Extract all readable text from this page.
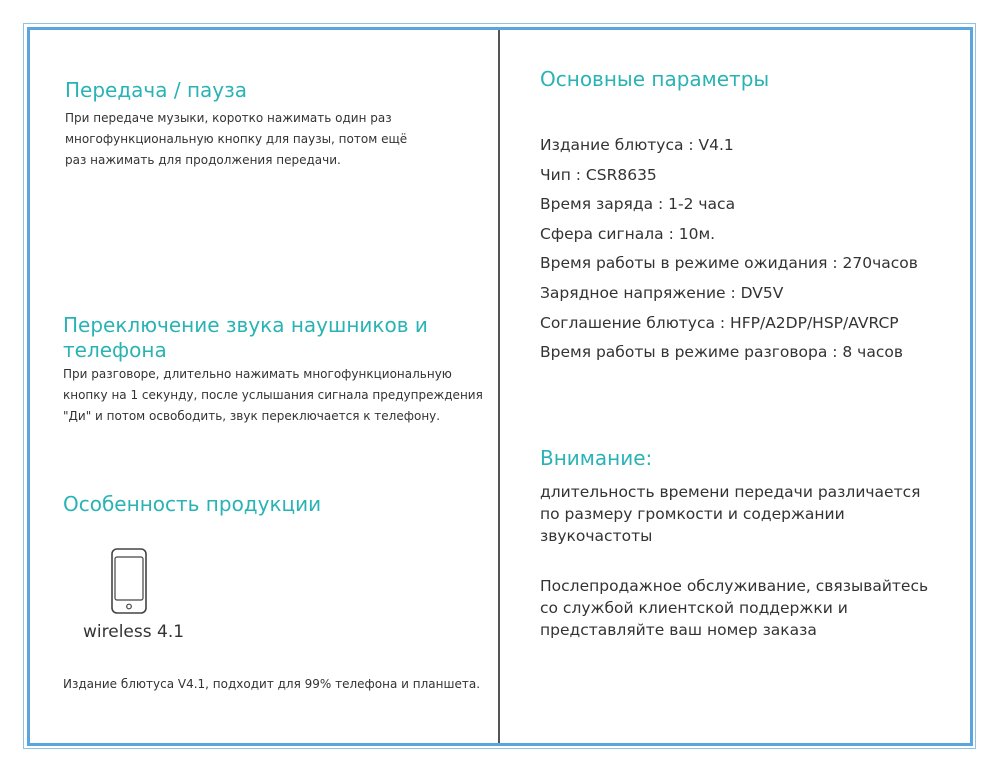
Передача / пауза
При передаче музыки, коротко нажимать один раз
многофункциональную кнопку для паузы, потом ещё
раз нажимать для продолжения передачи.
Переключение звука наушников и
телефона
При разговоре, длительно нажимать многофункциональную
кнопку на 1 секунду, после услышания сигнала предупреждения
"Ди" и потом освободить, звук переключается к телефону.
Особенность продукции
wireless 4.1
Издание блютуса V4.1, подходит для 99% телефона и планшета.
Основные параметры
Издание блютуса : V4.1
Чип : CSR8635
Время заряда : 1-2 часа
Сфера сигнала : 10м.
Время работы в режиме ожидания : 270часов
Зарядное напряжение : DV5V
Соглашение блютуса : HFP/A2DP/HSP/AVRCP
Время работы в режиме разговора : 8 часов
Внимание:
длительность времени передачи различается
по размеру громкости и содержании
звукочастоты
Послепродажное обслуживание, связывайтесь
со службой клиентской поддержки и
представляйте ваш номер заказа
